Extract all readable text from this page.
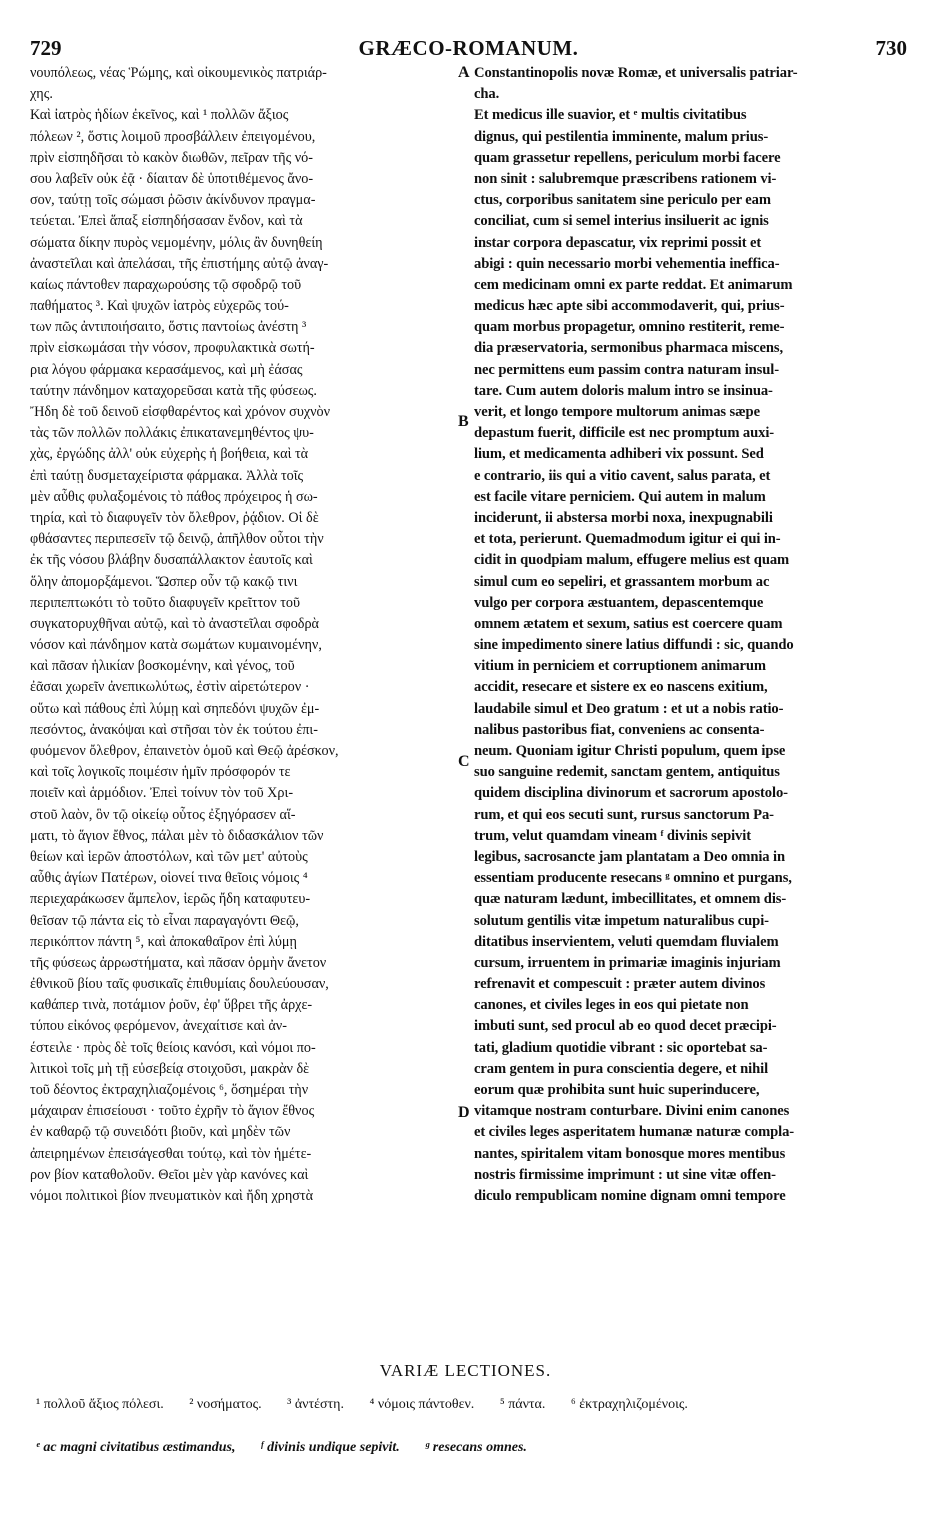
729	GRÆCO-ROMANUM.	730
νουπόλεως, νέας Ῥώμης, καὶ οἰκουμενικὸς πατριάρ-
χης.
Καὶ ἰατρὸς ἡδίων ἐκεῖνος, καὶ ¹ πολλῶν ἄξιος
πόλεων ², ὅστις λοιμοῦ προσβάλλειν ἐπειγομένου,
πρὶν εἰσπηδῆσαι τὸ κακὸν διωθῶν, πεῖραν τῆς νό-
σου λαβεῖν οὐκ ἐᾷ · δίαιταν δὲ ὑποτιθέμενος ἄνο-
σον, ταύτῃ τοῖς σώμασι ῥῶσιν ἀκίνδυνον πραγμα-
τεύεται. Ἐπεὶ ἅπαξ εἰσπηδήσασαν ἔνδον, καὶ τὰ
σώματα δίκην πυρὸς νεμομένην, μόλις ἂν δυνηθείη
ἀναστεῖλαι καὶ ἀπελάσαι, τῆς ἐπιστήμης αὐτῷ ἀναγ-
καίως πάντοθεν παραχωρούσης τῷ σφοδρῷ τοῦ
παθήματος ³. Καὶ ψυχῶν ἰατρὸς εὐχερῶς τού-
των πῶς ἀντιποιήσαιτο, ὅστις παντοίως ἀνέστη ³
πρὶν εἰσκωμάσαι τὴν νόσον, προφυλακτικὰ σωτή-
ρια λόγου φάρμακα κερασάμενος, καὶ μὴ ἐάσας
ταύτην πάνδημον καταχορεῦσαι κατὰ τῆς φύσεως.
Ἤδη δὲ τοῦ δεινοῦ εἰσφθαρέντος καὶ χρόνον συχνὸν
τὰς τῶν πολλῶν πολλάκις ἐπικατανεμηθέντος ψυ-
χὰς, ἐργώδης ἀλλ' οὐκ εὐχερὴς ἡ βοήθεια, καὶ τὰ
ἐπὶ ταύτῃ δυσμεταχείριστα φάρμακα. Ἀλλὰ τοῖς
μὲν αὖθις φυλαξομένοις τὸ πάθος πρόχειρος ἡ σω-
τηρία, καὶ τὸ διαφυγεῖν τὸν ὄλεθρον, ῥᾴδιον. Οἱ δὲ
φθάσαντες περιπεσεῖν τῷ δεινῷ, ἀπῆλθον οὗτοι τὴν
ἐκ τῆς νόσου βλάβην δυσαπάλλακτον ἑαυτοῖς καὶ
ὅλην ἀπομορξάμενοι. Ὥσπερ οὖν τῷ κακῷ τινι
περιπεπτωκότι τὸ τοῦτο διαφυγεῖν κρεῖττον τοῦ
συγκατορυχθῆναι αὐτῷ, καὶ τὸ ἀναστεῖλαι σφοδρὰ
νόσον καὶ πάνδημον κατὰ σωμάτων κυμαινομένην,
καὶ πᾶσαν ἡλικίαν βοσκομένην, καὶ γένος, τοῦ
ἐᾶσαι χωρεῖν ἀνεπικωλύτως, ἐστὶν αἱρετώτερον ·
οὕτω καὶ πάθους ἐπὶ λύμῃ καὶ σηπεδόνι ψυχῶν ἐμ-
πεσόντος, ἀνακόψαι καὶ στῆσαι τὸν ἐκ τούτου ἐπι-
φυόμενον ὄλεθρον, ἐπαινετὸν ὁμοῦ καὶ Θεῷ ἀρέσκον,
καὶ τοῖς λογικοῖς ποιμέσιν ἡμῖν πρόσφορόν τε
ποιεῖν καὶ ἁρμόδιον. Ἐπεὶ τοίνυν τὸν τοῦ Χρι-
στοῦ λαὸν, ὃν τῷ οἰκείῳ οὗτος ἐξηγόρασεν αἵ-
ματι, τὸ ἅγιον ἔθνος, πάλαι μὲν τὸ διδασκάλιον τῶν
θείων καὶ ἱερῶν ἀποστόλων, καὶ τῶν μετ' αὐτοὺς
αὖθις ἁγίων Πατέρων, οἱονεί τινα θεῖοις νόμοις ⁴
περιεχαράκωσεν ἄμπελον, ἱερῶς ἤδη καταφυτευ-
θεῖσαν τῷ πάντα εἰς τὸ εἶναι παραγαγόντι Θεῷ,
περικόπτον πάντη ⁵, καὶ ἀποκαθαῖρον ἐπὶ λύμῃ
τῆς φύσεως ἀρρωστήματα, καὶ πᾶσαν ὁρμὴν ἄνετον
ἐθνικοῦ βίου ταῖς φυσικαῖς ἐπιθυμίαις δουλεύουσαν,
καθάπερ τινὰ, ποτάμιον ῥοῦν, ἐφ' ὕβρει τῆς ἀρχε-
τύπου εἰκόνος φερόμενον, ἀνεχαίτισε καὶ ἀν-
έστειλε · πρὸς δὲ τοῖς θείοις κανόσι, καὶ νόμοι πο-
λιτικοὶ τοῖς μὴ τῇ εὐσεβείᾳ στοιχοῦσι, μακρὰν δὲ
τοῦ δέοντος ἐκτραχηλιαζομένοις ⁶, ὅσημέραι τὴν
μάχαιραν ἐπισείουσι · τοῦτο ἐχρῆν τὸ ἅγιον ἔθνος
ἐν καθαρῷ τῷ συνειδότι βιοῦν, καὶ μηδὲν τῶν
ἀπειρημένων ἐπεισάγεσθαι τούτῳ, καὶ τὸν ἡμέτε-
ρον βίον καταθολοῦν. Θεῖοι μὲν γὰρ κανόνες καὶ
νόμοι πολιτικοὶ βίον πνευματικὸν καὶ ἤδη χρηστὰ
Constantinopolis novæ Romæ, et universalis patriar-
cha.
Et medicus ille suavior, et ᵉ multis civitatibus
dignus, qui pestilentia imminente, malum prius-
quam grassetur repellens, periculum morbi facere
non sinit : salubremque præscribens rationem vi-
ctus, corporibus sanitatem sine periculo per eam
conciliat, cum si semel interius insiluerit ac ignis
instar corpora depascatur, vix reprimi possit et
abigi : quin necessario morbi vehementia ineffica-
cem medicinam omni ex parte reddat. Et animarum
medicus hæc apte sibi accommodaverit, qui, prius-
quam morbus propagetur, omnino restiterit, reme-
dia præservatoria, sermonibus pharmaca miscens,
nec permittens eum passim contra naturam insul-
tare. Cum autem doloris malum intro se insinua-
verit, et longo tempore multorum animas sæpe
depastum fuerit, difficile est nec promptum auxi-
lium, et medicamenta adhiberi vix possunt. Sed
e contrario, iis qui a vitio cavent, salus parata, et
est facile vitare perniciem. Qui autem in malum
inciderunt, ii abstersa morbi noxa, inexpugnabili
et tota, perierunt. Quemadmodum igitur ei qui in-
cidit in quodpiam malum, effugere melius est quam
simul cum eo sepeliri, et grassantem morbum ac
vulgo per corpora æstuantem, depascentemque
omnem ætatem et sexum, satius est coercere quam
sine impedimento sinere latius diffundi : sic, quando
vitium in perniciem et corruptionem animarum
accidit, resecare et sistere ex eo nascens exitium,
laudabile simul et Deo gratum : et ut a nobis ratio-
nalibus pastoribus fiat, conveniens ac consenta-
neum. Quoniam igitur Christi populum, quem ipse
suo sanguine redemit, sanctam gentem, antiquitus
quidem disciplina divinorum et sacrorum apostolo-
rum, et qui eos secuti sunt, rursus sanctorum Pa-
trum, velut quamdam vineam ᶠ divinis sepivit
legibus, sacrosancte jam plantatam a Deo omnia in
essentiam producente resecans ᵍ omnino et purgans,
quæ naturam lædunt, imbecillitates, et omnem dis-
solutum gentilis vitæ impetum naturalibus cupi-
ditatibus inservientem, veluti quemdam fluvialem
cursum, irruentem in primariæ imaginis injuriam
refrenavit et compescuit : præter autem divinos
canones, et civiles leges in eos qui pietate non
imbuti sunt, sed procul ab eo quod decet præcipi-
tati, gladium quotidie vibrant : sic oportebat sa-
cram gentem in pura conscientia degere, et nihil
eorum quæ prohibita sunt huic superinducere,
vitamque nostram conturbare. Divini enim canones
et civiles leges asperitatem humanæ naturæ compla-
nantes, spiritalem vitam bonosque mores mentibus
nostris firmissime imprimunt : ut sine vitæ offen-
diculo rempublicam nomine dignam omni tempore
A
B
C
D
VARIÆ LECTIONES.
¹ πολλοῦ ἄξιος πόλεσι. ² νοσήματος. ³ ἀντέστη. ⁴ νόμοις πάντοθεν. ⁵ πάντα. ⁶ ἐκτραχηλιζομένοις.
ᵉ ac magni civitatibus æstimandus, ᶠ divinis undique sepivit. ᵍ resecans omnes.
